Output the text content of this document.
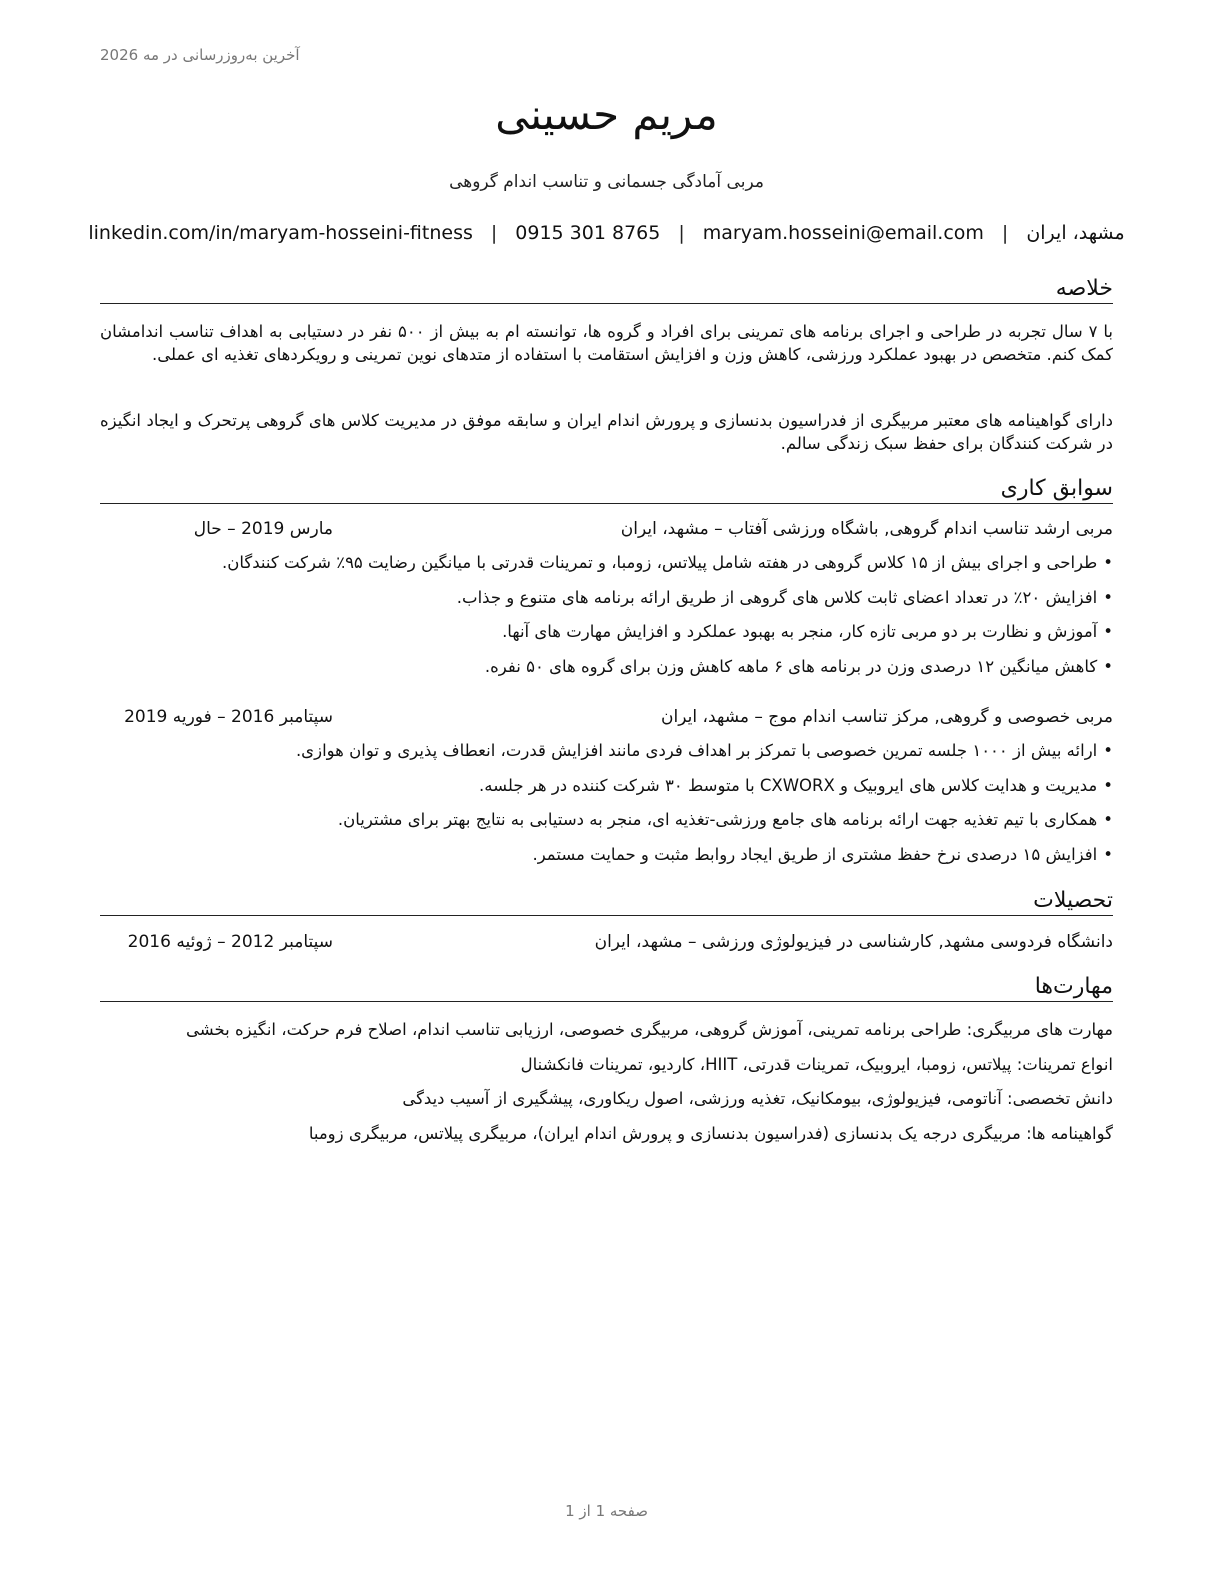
آخرین به‌روزرسانی در مه 2026
مریم حسینی
مربی آمادگی جسمانی و تناسب اندام گروهی
linkedin.com/in/maryam-hosseini-fitness | 0915 301 8765 | maryam.hosseini@email.com | مشهد، ایران
خلاصه

با ۷ سال تجربه در طراحی و اجرای برنامه های تمرینی برای افراد و گروه ها، توانسته ام به بیش از ۵۰۰ نفر در دستیابی به اهداف تناسب اندامشان کمک کنم. متخصص در بهبود عملکرد ورزشی، کاهش وزن و افزایش استقامت با استفاده از متدهای نوین تمرینی و رویکردهای تغذیه ای عملی.

دارای گواهینامه های معتبر مربیگری از فدراسیون بدنسازی و پرورش اندام ایران و سابقه موفق در مدیریت کلاس های گروهی پرتحرک و ایجاد انگیزه در شرکت کنندگان برای حفظ سبک زندگی سالم.

سوابق کاری
مربی ارشد تناسب اندام گروهی, باشگاه ورزشی آفتاب – مشهد، ایران
مارس 2019 – حال
• طراحی و اجرای بیش از ۱۵ کلاس گروهی در هفته شامل پیلاتس، زومبا، و تمرینات قدرتی با میانگین رضایت ۹۵٪ شرکت کنندگان.
• افزایش ۲۰٪ در تعداد اعضای ثابت کلاس های گروهی از طریق ارائه برنامه های متنوع و جذاب.
• آموزش و نظارت بر دو مربی تازه کار، منجر به بهبود عملکرد و افزایش مهارت های آنها.
• کاهش میانگین ۱۲ درصدی وزن در برنامه های ۶ ماهه کاهش وزن برای گروه های ۵۰ نفره.
مربی خصوصی و گروهی, مرکز تناسب اندام موج – مشهد، ایران
سپتامبر 2016 – فوریه 2019
• ارائه بیش از ۱۰۰۰ جلسه تمرین خصوصی با تمرکز بر اهداف فردی مانند افزایش قدرت، انعطاف پذیری و توان هوازی.
• مدیریت و هدایت کلاس های ایروبیک و CXWORX با متوسط ۳۰ شرکت کننده در هر جلسه.
• همکاری با تیم تغذیه جهت ارائه برنامه های جامع ورزشی-تغذیه ای، منجر به دستیابی به نتایج بهتر برای مشتریان.
• افزایش ۱۵ درصدی نرخ حفظ مشتری از طریق ایجاد روابط مثبت و حمایت مستمر.
تحصیلات
دانشگاه فردوسی مشهد, کارشناسی در فیزیولوژی ورزشی – مشهد، ایران
سپتامبر 2012 – ژوئیه 2016
مهارت‌ها
مهارت های مربیگری: طراحی برنامه تمرینی، آموزش گروهی، مربیگری خصوصی، ارزیابی تناسب اندام، اصلاح فرم حرکت، انگیزه بخشی
انواع تمرینات: پیلاتس، زومبا، ایروبیک، تمرینات قدرتی، HIIT، کاردیو، تمرینات فانکشنال
دانش تخصصی: آناتومی، فیزیولوژی، بیومکانیک، تغذیه ورزشی، اصول ریکاوری، پیشگیری از آسیب دیدگی
گواهینامه ها: مربیگری درجه یک بدنسازی (فدراسیون بدنسازی و پرورش اندام ایران)، مربیگری پیلاتس، مربیگری زومبا
صفحه 1 از 1
